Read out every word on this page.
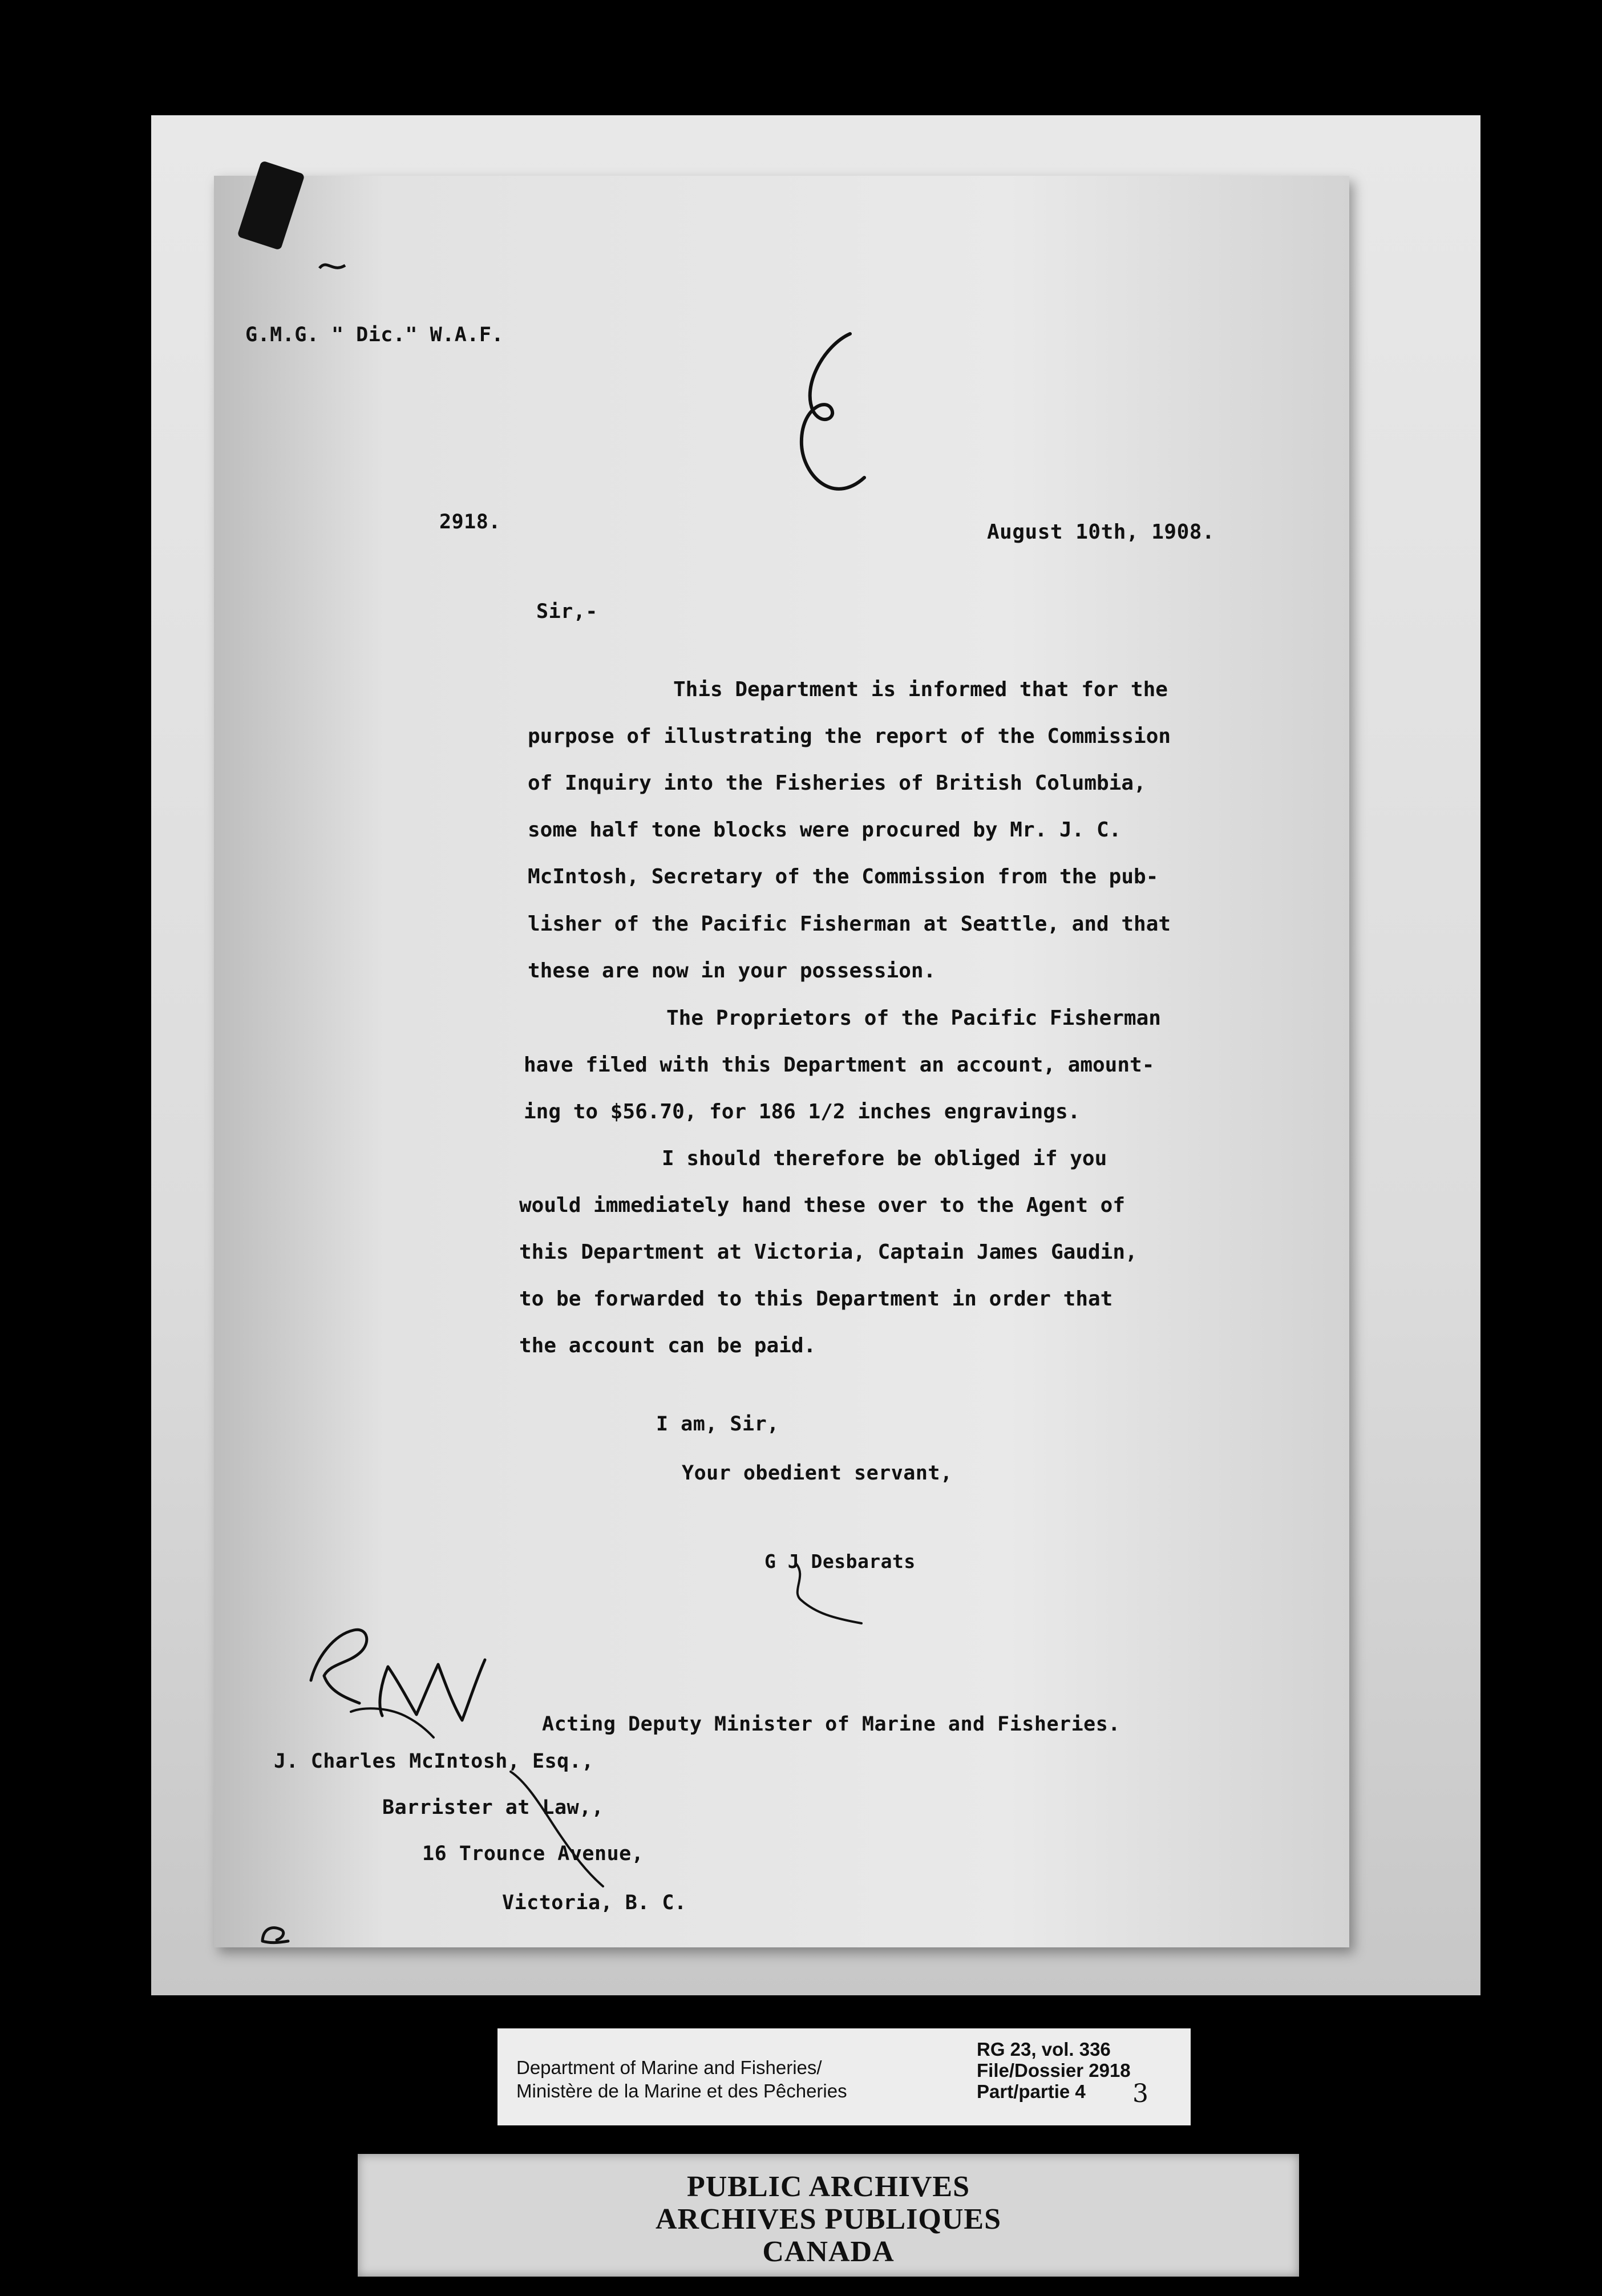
G.M.G. " Dic." W.A.F.
2918.	August 10th, 1908.
Sir,-
This Department is informed that for the
purpose of illustrating the report of the Commission
of Inquiry into the Fisheries of British Columbia,
some half tone blocks were procured by Mr. J. C.
McIntosh, Secretary of the Commission from the pub-
lisher of the Pacific Fisherman at Seattle, and that
these are now in your possession.
The Proprietors of the Pacific Fisherman
have filed with this Department an account, amount-
ing to $56.70, for 186 1/2 inches engravings.
I should therefore be obliged if you
would immediately hand these over to the Agent of
this Department at Victoria, Captain James Gaudin,
to be forwarded to this Department in order that
the account can be paid.
I am, Sir,
Your obedient servant,
G J Desbarats
Acting Deputy Minister of Marine and Fisheries.
J. Charles McIntosh, Esq.,
Barrister at Law,,
16 Trounce Avenue,
Victoria, B. C.
Department of Marine and Fisheries/
Ministère de la Marine et des Pêcheries
RG 23, vol. 336
File/Dossier 2918
Part/partie 4 3
PUBLIC ARCHIVES
ARCHIVES PUBLIQUES
CANADA
